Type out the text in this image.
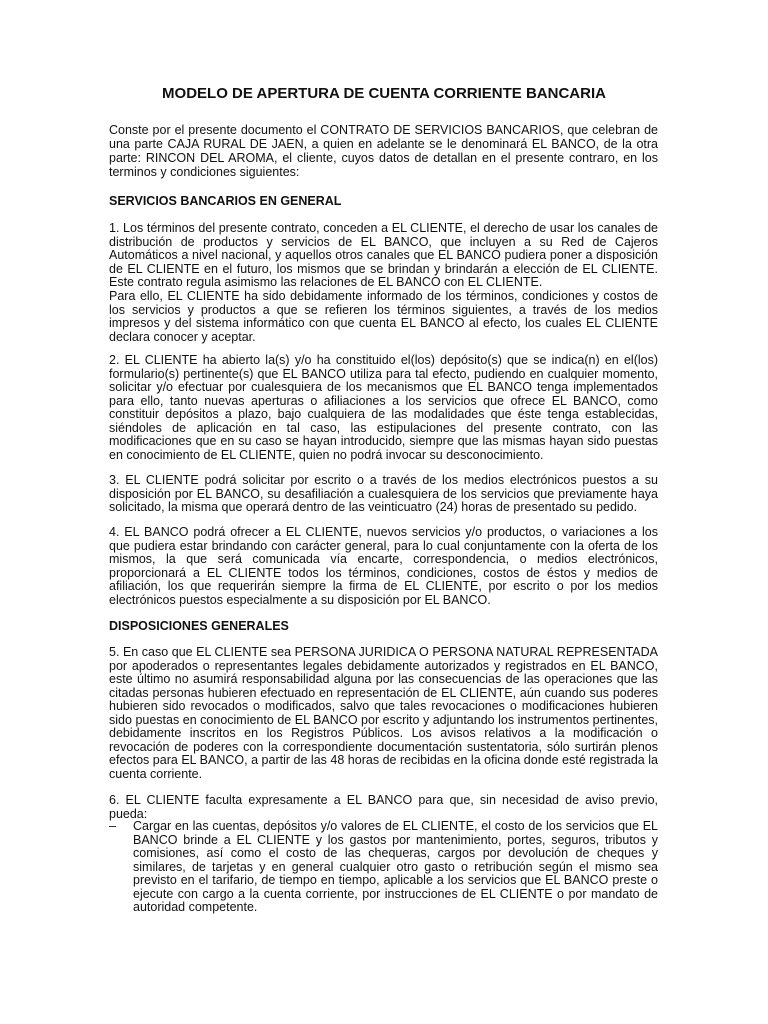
MODELO DE APERTURA DE CUENTA CORRIENTE BANCARIA
Conste por el presente documento el CONTRATO DE SERVICIOS BANCARIOS, que celebran de una parte CAJA RURAL DE JAEN, a quien en adelante se le denominará EL BANCO, de la otra parte: RINCON DEL AROMA, el cliente, cuyos datos de detallan en el presente contraro, en los terminos y condiciones siguientes:
SERVICIOS BANCARIOS EN GENERAL
1. Los términos del presente contrato, conceden a EL CLIENTE, el derecho de usar los canales de distribución de productos y servicios de EL BANCO, que incluyen a su Red de Cajeros Automáticos a nivel nacional, y aquellos otros canales que EL BANCO pudiera poner a disposición de EL CLIENTE en el futuro, los mismos que se brindan y brindarán a elección de EL CLIENTE. Este contrato regula asimismo las relaciones de EL BANCO con EL CLIENTE.
Para ello, EL CLIENTE ha sido debidamente informado de los términos, condiciones y costos de los servicios y productos a que se refieren los términos siguientes, a través de los medios impresos y del sistema informático con que cuenta EL BANCO al efecto, los cuales EL CLIENTE declara conocer y aceptar.
2. EL CLIENTE ha abierto la(s) y/o ha constituido el(los) depósito(s) que se indica(n) en el(los) formulario(s) pertinente(s) que EL BANCO utiliza para tal efecto, pudiendo en cualquier momento, solicitar y/o efectuar por cualesquiera de los mecanismos que EL BANCO tenga implementados para ello, tanto nuevas aperturas o afiliaciones a los servicios que ofrece EL BANCO, como constituir depósitos a plazo, bajo cualquiera de las modalidades que éste tenga establecidas, siéndoles de aplicación en tal caso, las estipulaciones del presente contrato, con las modificaciones que en su caso se hayan introducido, siempre que las mismas hayan sido puestas en conocimiento de EL CLIENTE, quien no podrá invocar su desconocimiento.
3. EL CLIENTE podrá solicitar por escrito o a través de los medios electrónicos puestos a su disposición por EL BANCO, su desafiliación a cualesquiera de los servicios que previamente haya solicitado, la misma que operará dentro de las veinticuatro (24) horas de presentado su pedido.
4. EL BANCO podrá ofrecer a EL CLIENTE, nuevos servicios y/o productos, o variaciones a los que pudiera estar brindando con carácter general, para lo cual conjuntamente con la oferta de los mismos, la que será comunicada vía encarte, correspondencia, o medios electrónicos, proporcionará a EL CLIENTE todos los términos, condiciones, costos de éstos y medios de afiliación, los que requerirán siempre la firma de EL CLIENTE, por escrito o por los medios electrónicos puestos especialmente a su disposición por EL BANCO.
DISPOSICIONES GENERALES
5. En caso que EL CLIENTE sea PERSONA JURIDICA O PERSONA NATURAL REPRESENTADA por apoderados o representantes legales debidamente autorizados y registrados en EL BANCO, este último no asumirá responsabilidad alguna por las consecuencias de las operaciones que las citadas personas hubieren efectuado en representación de EL CLIENTE, aún cuando sus poderes hubieren sido revocados o modificados, salvo que tales revocaciones o modificaciones hubieren sido puestas en conocimiento de EL BANCO por escrito y adjuntando los instrumentos pertinentes, debidamente inscritos en los Registros Públicos. Los avisos relativos a la modificación o revocación de poderes con la correspondiente documentación sustentatoria, sólo surtirán plenos efectos para EL BANCO, a partir de las 48 horas de recibidas en la oficina donde esté registrada la cuenta corriente.
6. EL CLIENTE faculta expresamente a EL BANCO para que, sin necesidad de aviso previo, pueda:
–	Cargar en las cuentas, depósitos y/o valores de EL CLIENTE, el costo de los servicios que EL BANCO brinde a EL CLIENTE y los gastos por mantenimiento, portes, seguros, tributos y comisiones, así como el costo de las chequeras, cargos por devolución de cheques y similares, de tarjetas y en general cualquier otro gasto o retribución según el mismo sea previsto en el tarifario, de tiempo en tiempo, aplicable a los servicios que EL BANCO preste o ejecute con cargo a la cuenta corriente, por instrucciones de EL CLIENTE o por mandato de autoridad competente.
